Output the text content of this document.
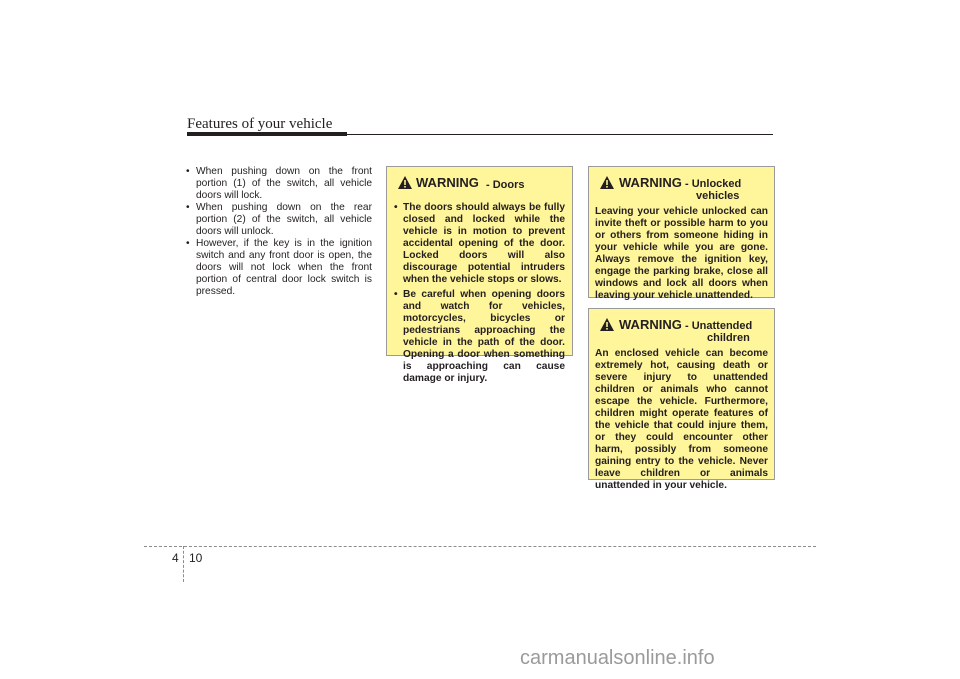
Features of your vehicle
• When pushing down on the front portion (1) of the switch, all vehicle doors will lock.
• When pushing down on the rear portion (2) of the switch, all vehicle doors will unlock.
• However, if the key is in the ignition switch and any front door is open, the doors will not lock when the front portion of central door lock switch is pressed.
WARNING - Doors
• The doors should always be fully closed and locked while the vehicle is in motion to prevent accidental opening of the door. Locked doors will also discourage potential intruders when the vehicle stops or slows.
• Be careful when opening doors and watch for vehicles, motorcycles, bicycles or pedestrians approaching the vehicle in the path of the door. Opening a door when something is approaching can cause damage or injury.
WARNING - Unlocked
vehicles
Leaving your vehicle unlocked can invite theft or possible harm to you or others from someone hiding in your vehicle while you are gone. Always remove the ignition key, engage the parking brake, close all windows and lock all doors when leaving your vehicle unattended.
WARNING - Unattended
children
An enclosed vehicle can become extremely hot, causing death or severe injury to unattended children or animals who cannot escape the vehicle. Furthermore, children might operate features of the vehicle that could injure them, or they could encounter other harm, possibly from someone gaining entry to the vehicle. Never leave children or animals unattended in your vehicle.
4 10
carmanualsonline.info
